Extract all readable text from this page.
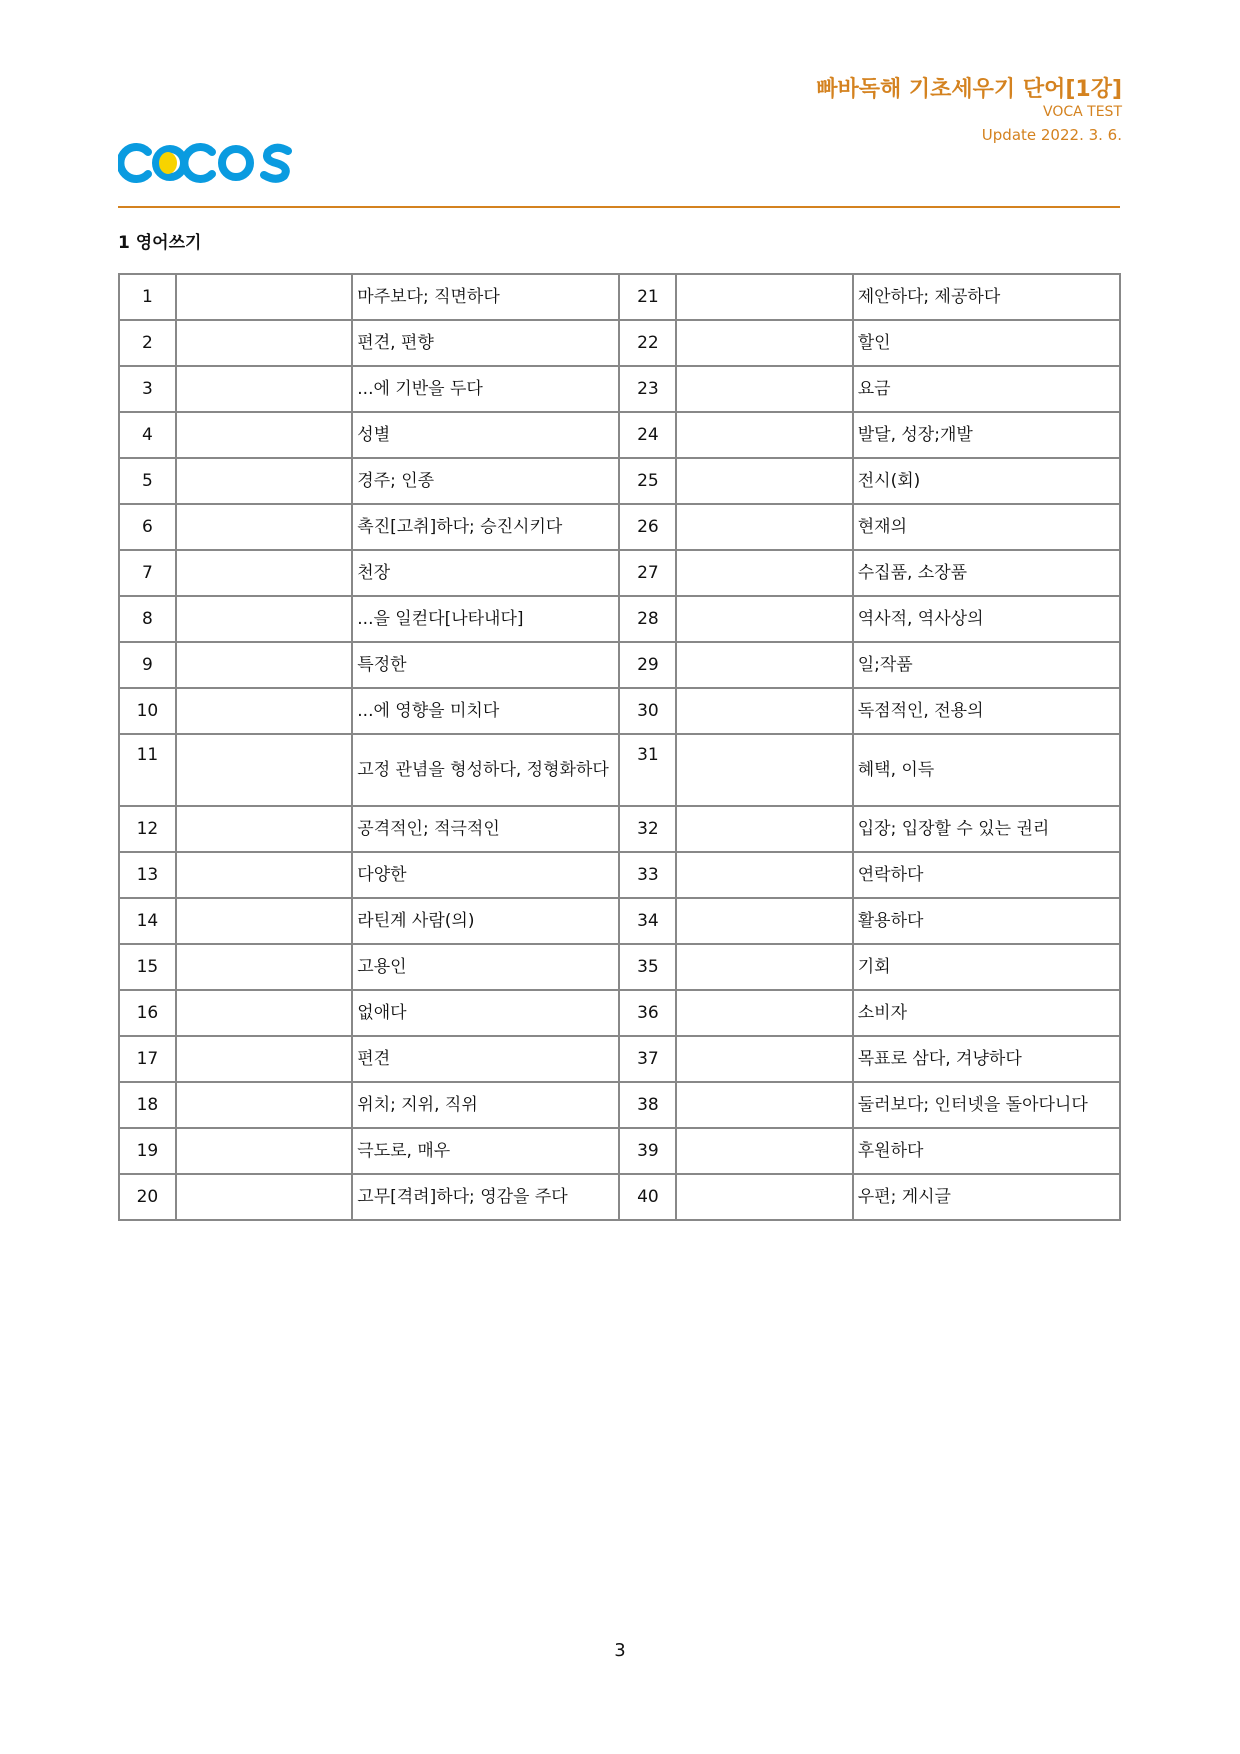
빠바독해 기초세우기 단어[1강]
VOCA TEST
Update 2022. 3. 6.
1 영어쓰기
1		마주보다; 직면하다	21		제안하다; 제공하다
2		편견, 편향	22		할인
3		...에 기반을 두다	23		요금
4		성별	24		발달, 성장;개발
5		경주; 인종	25		전시(회)
6		촉진[고취]하다; 승진시키다	26		현재의
7		천장	27		수집품, 소장품
8		...을 일컫다[나타내다]	28		역사적, 역사상의
9		특정한	29		일;작품
10		...에 영향을 미치다	30		독점적인, 전용의
11		고정 관념을 형성하다, 정형화하다	31		혜택, 이득
12		공격적인; 적극적인	32		입장; 입장할 수 있는 권리
13		다양한	33		연락하다
14		라틴계 사람(의)	34		활용하다
15		고용인	35		기회
16		없애다	36		소비자
17		편견	37		목표로 삼다, 겨냥하다
18		위치; 지위, 직위	38		둘러보다; 인터넷을 돌아다니다
19		극도로, 매우	39		후원하다
20		고무[격려]하다; 영감을 주다	40		우편; 게시글
3
